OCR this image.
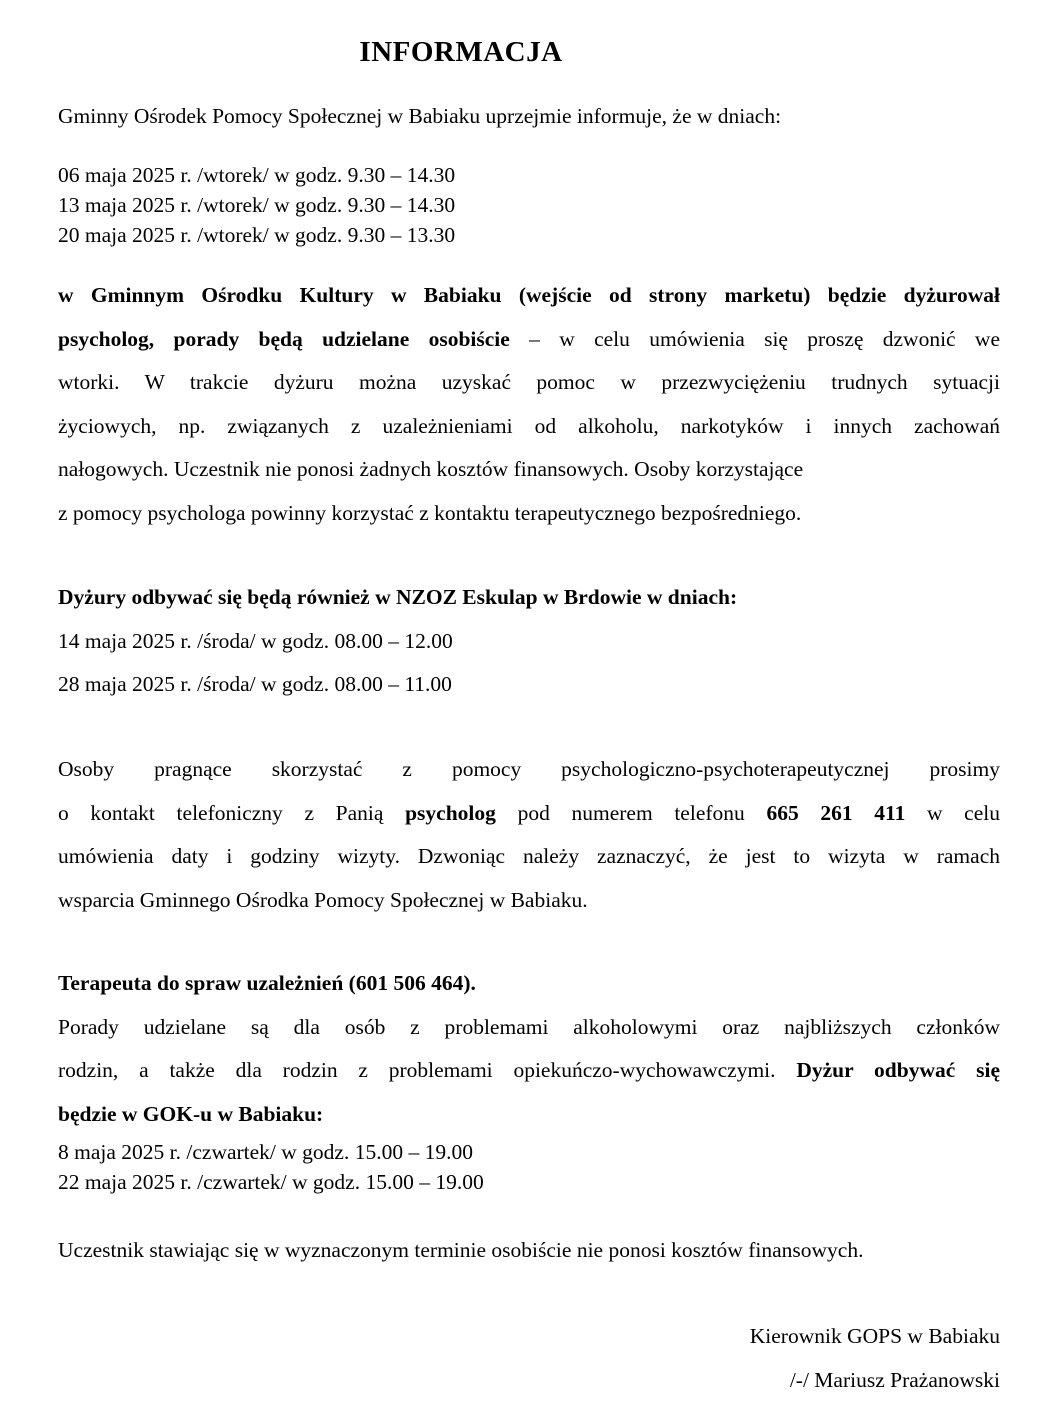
INFORMACJA
Gminny Ośrodek Pomocy Społecznej w Babiaku uprzejmie informuje, że w dniach:
06 maja 2025 r. /wtorek/ w godz. 9.30 – 14.30
13 maja 2025 r. /wtorek/ w godz. 9.30 – 14.30
20 maja 2025 r. /wtorek/ w godz. 9.30 – 13.30
w Gminnym Ośrodku Kultury w Babiaku (wejście od strony marketu) będzie dyżurował
psycholog, porady będą udzielane osobiście – w celu umówienia się proszę dzwonić we
wtorki. W trakcie dyżuru można uzyskać pomoc w przezwyciężeniu trudnych sytuacji
życiowych, np. związanych z uzależnieniami od alkoholu, narkotyków i innych zachowań
nałogowych. Uczestnik nie ponosi żadnych kosztów finansowych. Osoby korzystające
z pomocy psychologa powinny korzystać z kontaktu terapeutycznego bezpośredniego.
Dyżury odbywać się będą również w NZOZ Eskulap w Brdowie w dniach:
14 maja 2025 r. /środa/ w godz. 08.00 – 12.00
28 maja 2025 r. /środa/ w godz. 08.00 – 11.00
Osoby pragnące skorzystać z pomocy psychologiczno-psychoterapeutycznej prosimy
o kontakt telefoniczny z Panią psycholog pod numerem telefonu 665 261 411 w celu
umówienia daty i godziny wizyty. Dzwoniąc należy zaznaczyć, że jest to wizyta w ramach
wsparcia Gminnego Ośrodka Pomocy Społecznej w Babiaku.
Terapeuta do spraw uzależnień (601 506 464).
Porady udzielane są dla osób z problemami alkoholowymi oraz najbliższych członków
rodzin, a także dla rodzin z problemami opiekuńczo-wychowawczymi. Dyżur odbywać się
będzie w GOK-u w Babiaku:
8 maja 2025 r. /czwartek/ w godz. 15.00 – 19.00
22 maja 2025 r. /czwartek/ w godz. 15.00 – 19.00
Uczestnik stawiając się w wyznaczonym terminie osobiście nie ponosi kosztów finansowych.
Kierownik GOPS w Babiaku
/-/ Mariusz Prażanowski
